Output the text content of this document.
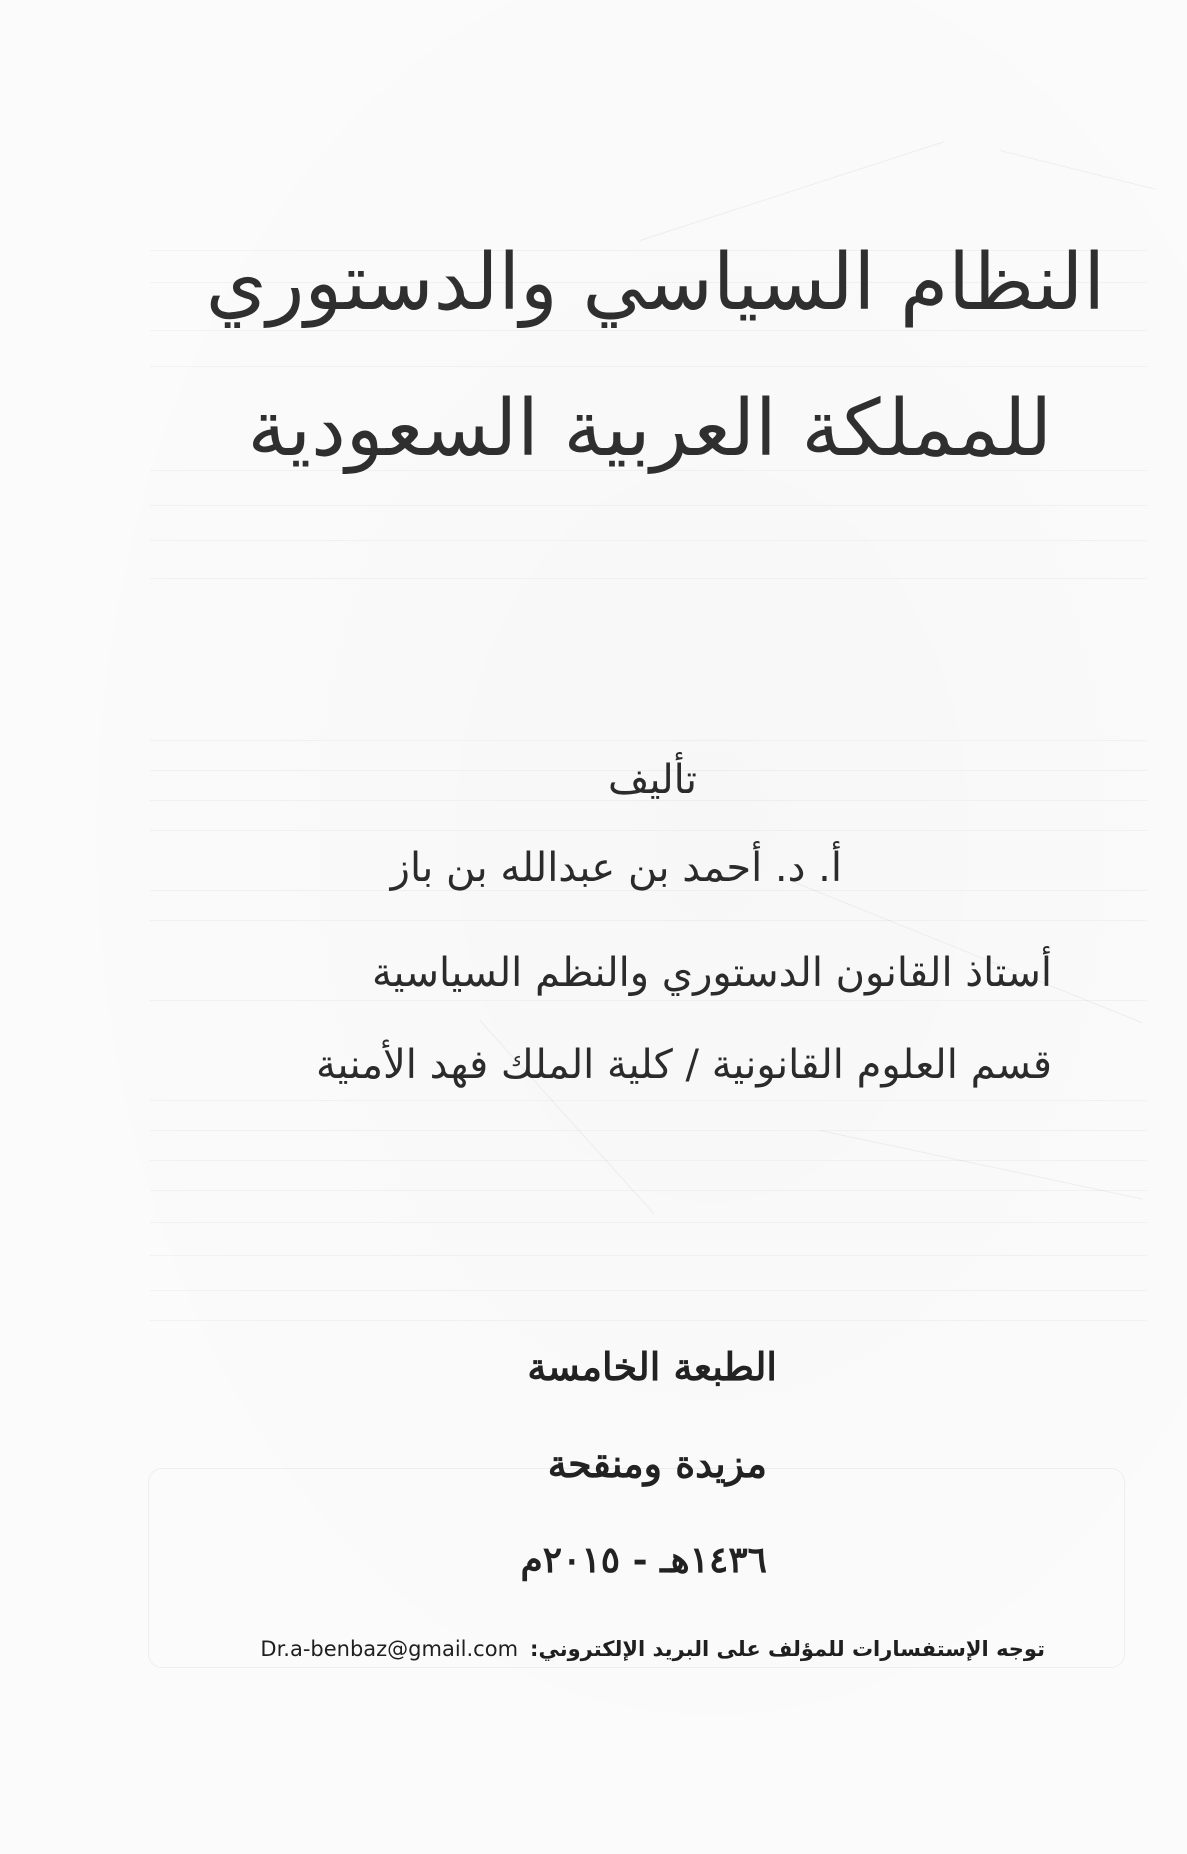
النظام السياسي والدستوري
للمملكة العربية السعودية
تأليف
أ. د. أحمد بن عبدالله بن باز
أستاذ القانون الدستوري والنظم السياسية
قسم العلوم القانونية / كلية الملك فهد الأمنية
الطبعة الخامسة
مزيدة ومنقحة
١٤٣٦هـ - ٢٠١٥م
توجه الإستفسارات للمؤلف على البريد الإلكتروني:Dr.a-benbaz@gmail.com
